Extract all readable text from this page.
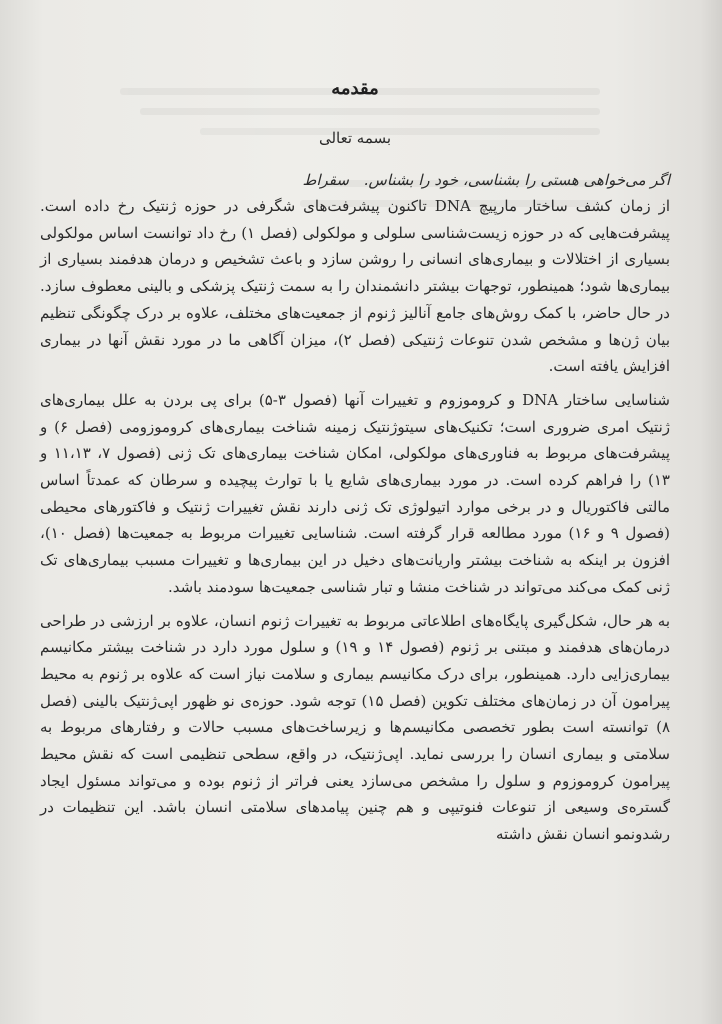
مقدمه
بسمه تعالی
اگر می‌خواهی هستی را بشناسی، خود را بشناس. سقراط

از زمان کشف ساختار مارپیچ DNA تاکنون پیشرفت‌های شگرفی در حوزه ژنتیک رخ داده است. پیشرفت‌هایی که در حوزه زیست‌شناسی سلولی و مولکولی (فصل ۱) رخ داد توانست اساس مولکولی بسیاری از اختلالات و بیماری‌های انسانی را روشن سازد و باعث تشخیص و درمان هدفمند بسیاری از بیماری‌ها شود؛ همینطور، توجهات بیشتر دانشمندان را به سمت ژنتیک پزشکی و بالینی معطوف سازد. در حال حاضر، با کمک روش‌های جامع آنالیز ژنوم از جمعیت‌های مختلف، علاوه بر درک چگونگی تنظیم بیان ژن‌ها و مشخص شدن تنوعات ژنتیکی (فصل ۲)، میزان آگاهی ما در مورد نقش آنها در بیماری افزایش یافته است.

شناسایی ساختار DNA و کروموزوم و تغییرات آنها (فصول ۳-۵) برای پی بردن به علل بیماری‌های ژنتیک امری ضروری است؛ تکنیک‌های سیتوژنتیک زمینه شناخت بیماری‌های کروموزومی (فصل ۶) و پیشرفت‌های مربوط به فناوری‌های مولکولی، امکان شناخت بیماری‌های تک ژنی (فصول ۷، ۱۱،۱۳ و ۱۳) را فراهم کرده است. در مورد بیماری‌های شایع یا با توارث پیچیده و سرطان که عمدتاً اساس مالتی فاکتوریال و در برخی موارد اتیولوژی تک ژنی دارند نقش تغییرات ژنتیک و فاکتورهای محیطی (فصول ۹ و ۱۶) مورد مطالعه قرار گرفته است. شناسایی تغییرات مربوط به جمعیت‌ها (فصل ۱۰)، افزون بر اینکه به شناخت بیشتر واریانت‌های دخیل در این بیماری‌ها و تغییرات مسبب بیماری‌های تک ژنی کمک می‌کند می‌تواند در شناخت منشا و تبار شناسی جمعیت‌ها سودمند باشد.

به هر حال، شکل‌گیری پایگاه‌های اطلاعاتی مربوط به تغییرات ژنوم انسان، علاوه بر ارزشی در طراحی درمان‌های هدفمند و مبتنی بر ژنوم (فصول ۱۴ و ۱۹) و سلول مورد دارد در شناخت بیشتر مکانیسم بیماری‌زایی دارد. همینطور، برای درک مکانیسم بیماری و سلامت نیاز است که علاوه بر ژنوم به محیط پیرامون آن در زمان‌های مختلف تکوین (فصل ۱۵) توجه شود. حوزه‌ی نو ظهور اپی‌ژنتیک بالینی (فصل ۸) توانسته است بطور تخصصی مکانیسم‌ها و زیرساخت‌های مسبب حالات و رفتارهای مربوط به سلامتی و بیماری انسان را بررسی نماید. اپی‌ژنتیک، در واقع، سطحی تنظیمی است که نقش محیط پیرامون کروموزوم و سلول را مشخص می‌سازد یعنی فراتر از ژنوم بوده و می‌تواند مسئول ایجاد گستره‌ی وسیعی از تنوعات فنوتیپی و هم چنین پیامدهای سلامتی انسان باشد. این تنظیمات در رشدونمو انسان نقش داشته
